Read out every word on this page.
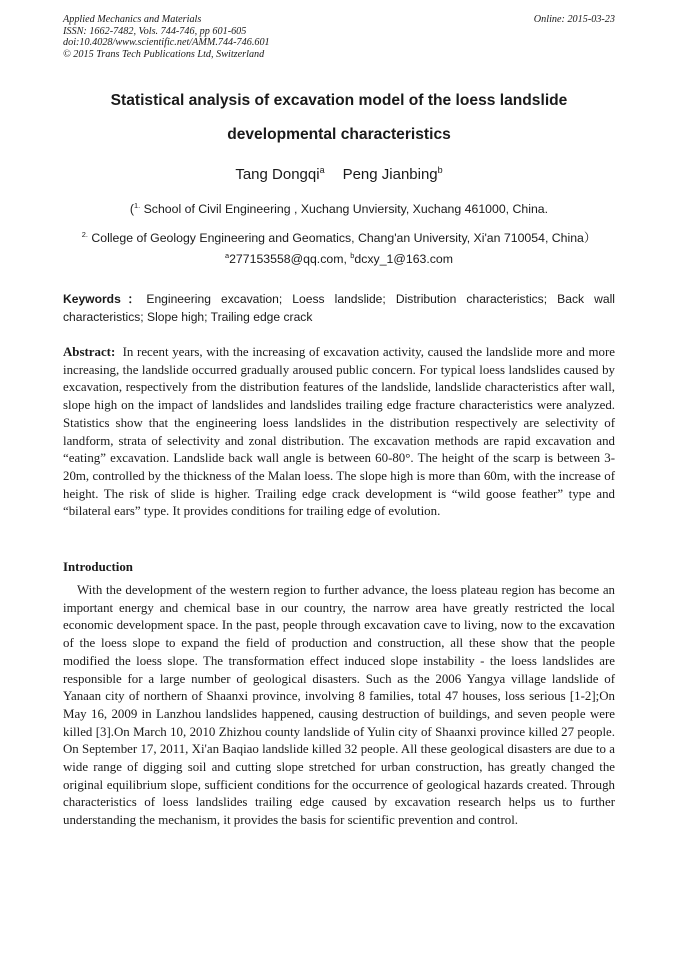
Applied Mechanics and Materials
ISSN: 1662-7482, Vols. 744-746, pp 601-605
doi:10.4028/www.scientific.net/AMM.744-746.601
© 2015 Trans Tech Publications Ltd, Switzerland
Online: 2015-03-23
Statistical analysis of excavation model of the loess landslide
developmental characteristics
Tang Dongqi$^a$ Peng Jianbing$^b$
($^{1.}$ School of Civil Engineering , Xuchang Unviersity, Xuchang 461000, China.
$^{2.}$ College of Geology Engineering and Geomatics, Chang'an University, Xi'an 710054, China）
$^a$277153558@qq.com, $^b$dcxy_1@163.com
Keywords：Engineering excavation; Loess landslide; Distribution characteristics; Back wall characteristics; Slope high; Trailing edge crack
Abstract: In recent years, with the increasing of excavation activity, caused the landslide more and more increasing, the landslide occurred gradually aroused public concern. For typical loess landslides caused by excavation, respectively from the distribution features of the landslide, landslide characteristics after wall, slope high on the impact of landslides and landslides trailing edge fracture characteristics were analyzed. Statistics show that the engineering loess landslides in the distribution respectively are selectivity of landform, strata of selectivity and zonal distribution. The excavation methods are rapid excavation and “eating” excavation. Landslide back wall angle is between 60-80°. The height of the scarp is between 3-20m, controlled by the thickness of the Malan loess. The slope high is more than 60m, with the increase of height. The risk of slide is higher. Trailing edge crack development is “wild goose feather” type and “bilateral ears” type. It provides conditions for trailing edge of evolution.
Introduction
With the development of the western region to further advance, the loess plateau region has become an important energy and chemical base in our country, the narrow area have greatly restricted the local economic development space. In the past, people through excavation cave to living, now to the excavation of the loess slope to expand the field of production and construction, all these show that the people modified the loess slope. The transformation effect induced slope instability - the loess landslides are responsible for a large number of geological disasters. Such as the 2006 Yangya village landslide of Yanaan city of northern of Shaanxi province, involving 8 families, total 47 houses, loss serious [1-2];On May 16, 2009 in Lanzhou landslides happened, causing destruction of buildings, and seven people were killed [3].On March 10, 2010 Zhizhou county landslide of Yulin city of Shaanxi province killed 27 people. On September 17, 2011, Xi'an Baqiao landslide killed 32 people. All these geological disasters are due to a wide range of digging soil and cutting slope stretched for urban construction, has greatly changed the original equilibrium slope, sufficient conditions for the occurrence of geological hazards created. Through characteristics of loess landslides trailing edge caused by excavation research helps us to further understanding the mechanism, it provides the basis for scientific prevention and control.
